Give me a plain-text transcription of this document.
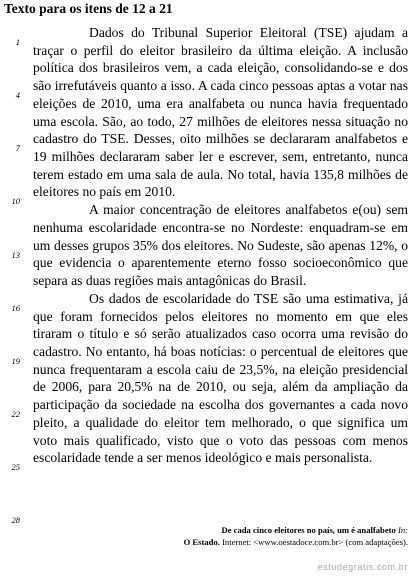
Texto para os itens de 12 a 21
1
4
7
10
13
16
19
22
25
28

Dados do Tribunal Superior Eleitoral (TSE) ajudam a traçar o perfil do eleitor brasileiro da última eleição. A inclusão política dos brasileiros vem, a cada eleição, consolidando-se e dos são irrefutáveis quanto a isso. A cada cinco pessoas aptas a votar nas eleições de 2010, uma era analfabeta ou nunca havia frequentado uma escola. São, ao todo, 27 milhões de eleitores nessa situação no cadastro do TSE. Desses, oito milhões se declararam analfabetos e 19 milhões declararam saber ler e escrever, sem, entretanto, nunca terem estado em uma sala de aula. No total, havia 135,8 milhões de eleitores no país em 2010.

A maior concentração de eleitores analfabetos e(ou) sem nenhuma escolaridade encontra-se no Nordeste: enquadram-se em um desses grupos 35% dos eleitores. No Sudeste, são apenas 12%, o que evidencia o aparentemente eterno fosso socioeconômico que separa as duas regiões mais antagônicas do Brasil.

Os dados de escolaridade do TSE são uma estimativa, já que foram fornecidos pelos eleitores no momento em que eles tiraram o título e só serão atualizados caso ocorra uma revisão do cadastro. No entanto, há boas notícias: o percentual de eleitores que nunca frequentaram a escola caiu de 23,5%, na eleição presidencial de 2006, para 20,5% na de 2010, ou seja, além da ampliação da participação da sociedade na escolha dos governantes a cada novo pleito, a qualidade do eleitor tem melhorado, o que significa um voto mais qualificado, visto que o voto das pessoas com menos escolaridade tende a ser menos ideológico e mais personalista.

De cada cinco eleitores no país, um é analfabeto In:
O Estado. Internet: <www.oestadoce.com.br> (com adaptações).
estudegratis.com.br
